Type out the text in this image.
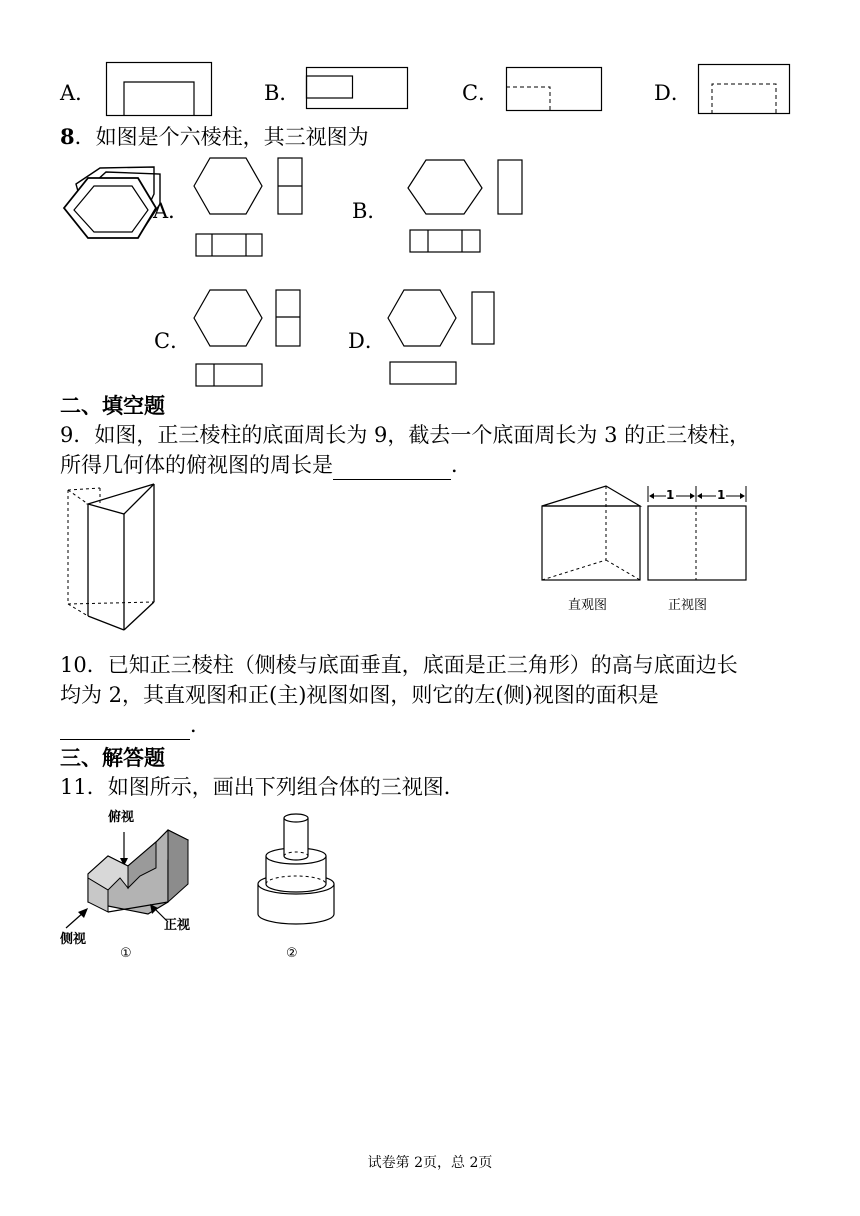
A．	B．	C．	D．
8．如图是个六棱柱，其三视图为
A．	B．
C．	D．
二、填空题
9．如图，正三棱柱的底面周长为 9，截去一个底面周长为 3 的正三棱柱，
所得几何体的俯视图的周长是	．
1	1
直观图	正视图
10．已知正三棱柱（侧棱与底面垂直，底面是正三角形）的高与底面边长
均为 2，其直观图和正(主)视图如图，则它的左(侧)视图的面积是
．
三、解答题
11．如图所示，画出下列组合体的三视图．
俯视
侧视
正视
①	②
试卷第 2页，总 2页
